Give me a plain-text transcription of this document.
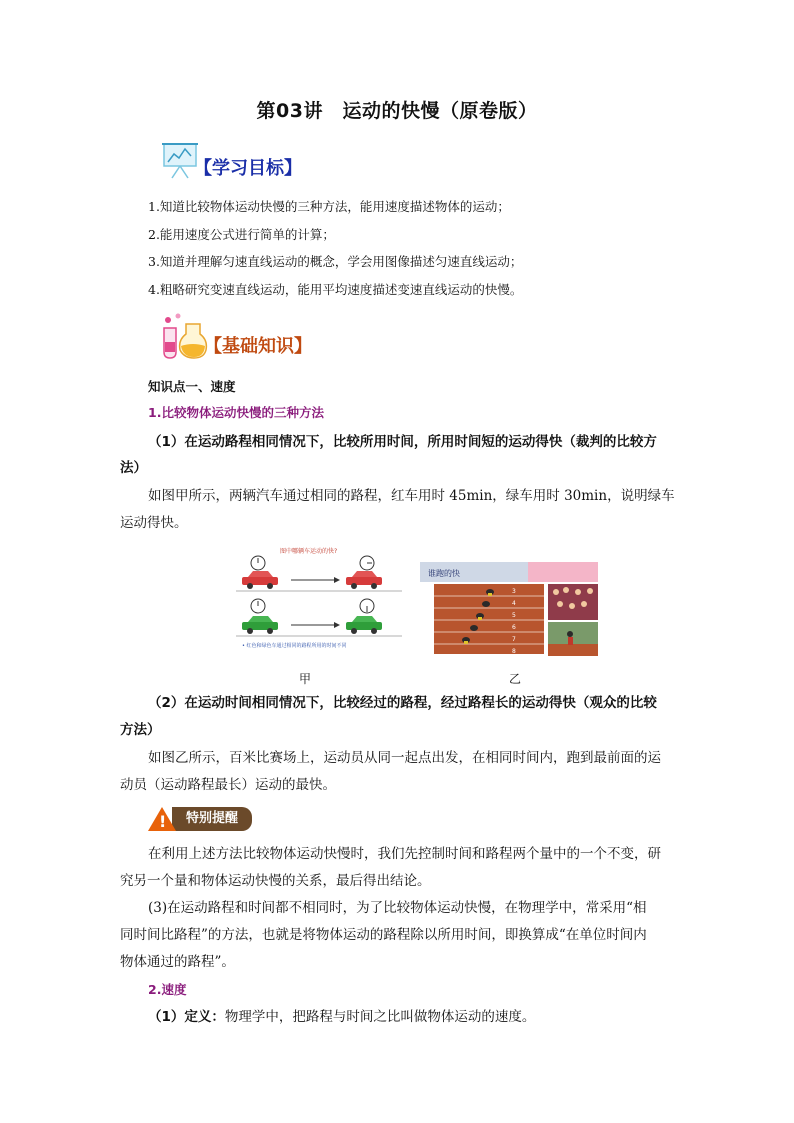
第03讲　运动的快慢（原卷版）
【学习目标】
1.知道比较物体运动快慢的三种方法，能用速度描述物体的运动；
2.能用速度公式进行简单的计算；
3.知道并理解匀速直线运动的概念，学会用图像描述匀速直线运动；
4.粗略研究变速直线运动，能用平均速度描述变速直线运动的快慢。
【基础知识】
知识点一、速度
1.比较物体运动快慢的三种方法
（1）在运动路程相同情况下，比较所用时间，所用时间短的运动得快（裁判的比较方
法）
如图甲所示，两辆汽车通过相同的路程，红车用时 45min，绿车用时 30min，说明绿车
运动得快。
图中哪辆车运动的快?
• 红色和绿色车通过相同的路程所用的时间不同
甲
谁跑的快
3
4
5
6
7
8
乙
（2）在运动时间相同情况下，比较经过的路程，经过路程长的运动得快（观众的比较
方法）
如图乙所示，百米比赛场上，运动员从同一起点出发，在相同时间内，跑到最前面的运
动员（运动路程最长）运动的最快。
!	特别提醒
在利用上述方法比较物体运动快慢时，我们先控制时间和路程两个量中的一个不变，研
究另一个量和物体运动快慢的关系，最后得出结论。
(3)在运动路程和时间都不相同时，为了比较物体运动快慢，在物理学中，常采用“相
同时间比路程”的方法，也就是将物体运动的路程除以所用时间，即换算成“在单位时间内
物体通过的路程”。
2.速度
（1）定义：物理学中，把路程与时间之比叫做物体运动的速度。
